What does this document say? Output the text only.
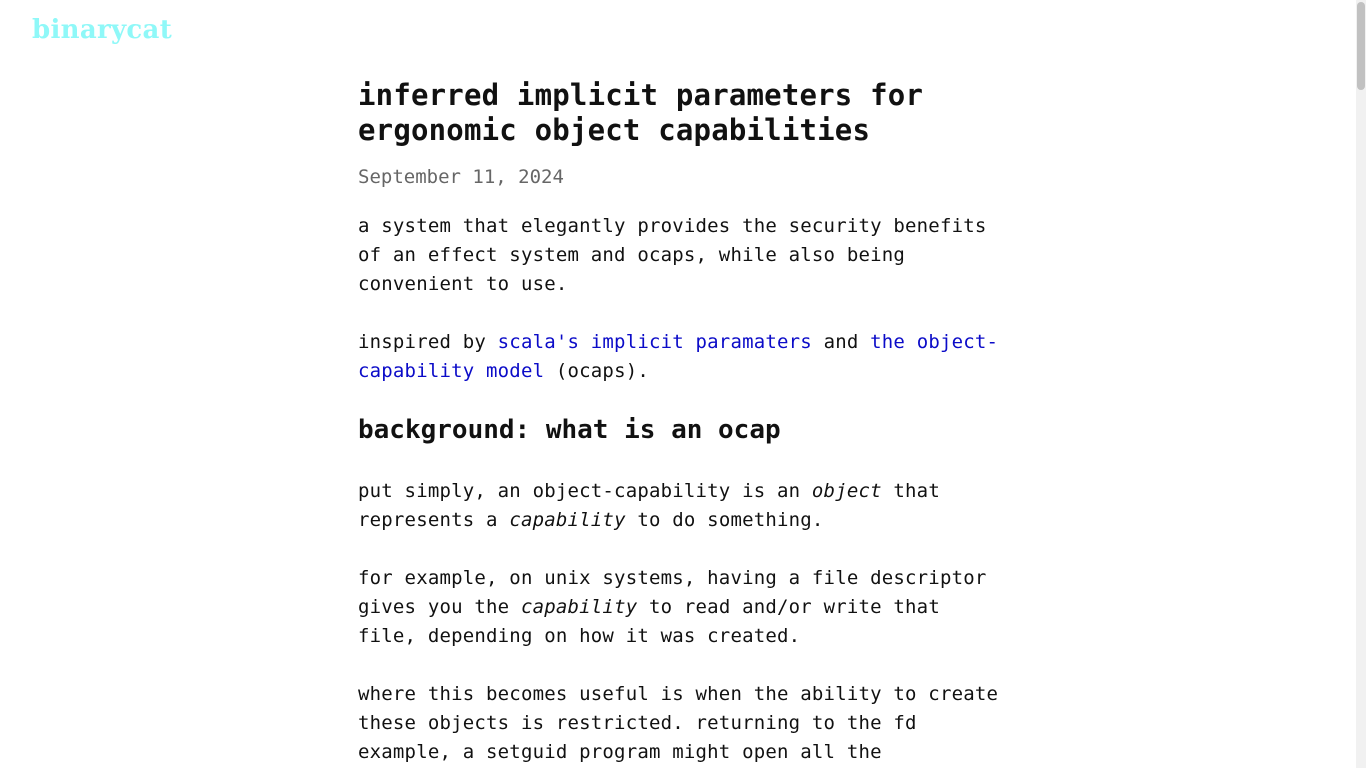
binarycat
inferred implicit parameters for ergonomic object capabilities
September 11, 2024

a system that elegantly provides the security benefits of an effect system and ocaps, while also being convenient to use.

inspired by scala's implicit paramaters and the object-capability model (ocaps).

background: what is an ocap

put simply, an object-capability is an object that represents a capability to do something.

for example, on unix systems, having a file descriptor gives you the capability to read and/or write that file, depending on how it was created.

where this becomes useful is when the ability to create these objects is restricted. returning to the fd example, a setguid program might open all the
